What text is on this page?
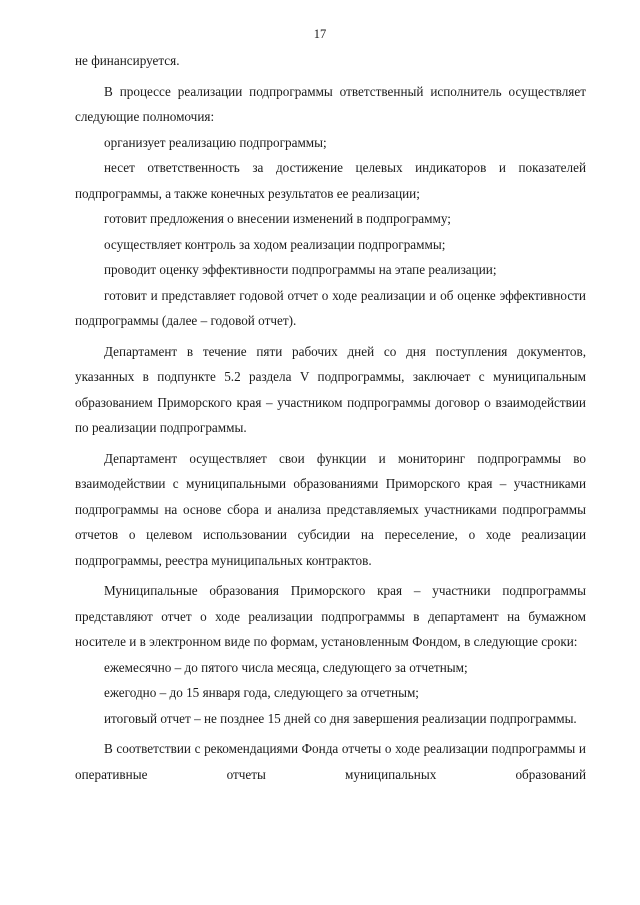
17

не финансируется.

В процессе реализации подпрограммы ответственный исполнитель осуществляет следующие полномочия:

организует реализацию подпрограммы;

несет ответственность за достижение целевых индикаторов и показателей подпрограммы, а также конечных результатов ее реализации;

готовит предложения о внесении изменений в подпрограмму;

осуществляет контроль за ходом реализации подпрограммы;

проводит оценку эффективности подпрограммы на этапе реализации;

готовит и представляет годовой отчет о ходе реализации и об оценке эффективности подпрограммы (далее – годовой отчет).

Департамент в течение пяти рабочих дней со дня поступления документов, указанных в подпункте 5.2 раздела V подпрограммы, заключает с муниципальным образованием Приморского края – участником подпрограммы договор о взаимодействии по реализации подпрограммы.

Департамент осуществляет свои функции и мониторинг подпрограммы во взаимодействии с муниципальными образованиями Приморского края – участниками подпрограммы на основе сбора и анализа представляемых участниками подпрограммы отчетов о целевом использовании субсидии на переселение, о ходе реализации подпрограммы, реестра муниципальных контрактов.

Муниципальные образования Приморского края – участники подпрограммы представляют отчет о ходе реализации подпрограммы в департамент на бумажном носителе и в электронном виде по формам, установленным Фондом, в следующие сроки:

ежемесячно – до пятого числа месяца, следующего за отчетным;

ежегодно – до 15 января года, следующего за отчетным;

итоговый отчет – не позднее 15 дней со дня завершения реализации подпрограммы.

В соответствии с рекомендациями Фонда отчеты о ходе реализации подпрограммы и оперативные отчеты муниципальных образований
